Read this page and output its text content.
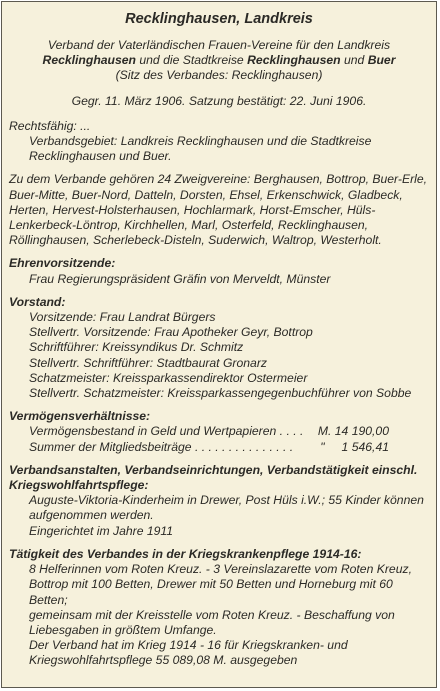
Recklinghausen, Landkreis

Verband der Vaterländischen Frauen-Vereine für den Landkreis

Recklinghausen und die Stadtkreise Recklinghausen und Buer

(Sitz des Verbandes: Recklinghausen)

Gegr. 11. März 1906. Satzung bestätigt: 22. Juni 1906.

Rechtsfähig: ...

Verbandsgebiet: Landkreis Recklinghausen und die Stadtkreise Recklinghausen und Buer.

Zu dem Verbande gehören 24 Zweigvereine: Berghausen, Bottrop, Buer-Erle, Buer-Mitte, Buer-Nord, Datteln, Dorsten, Ehsel, Erkenschwick, Gladbeck, Herten, Hervest-Holsterhausen, Hochlarmark, Horst-Emscher, Hüls-Lenkerbeck-Löntrop, Kirchhellen, Marl, Osterfeld, Recklinghausen, Röllinghausen, Scherlebeck-Disteln, Suderwich, Waltrop, Westerholt.

Ehrenvorsitzende:

Frau Regierungspräsident Gräfin von Merveldt, Münster

Vorstand:

Vorsitzende: Frau Landrat Bürgers

Stellvertr. Vorsitzende: Frau Apotheker Geyr, Bottrop

Schriftführer: Kreissyndikus Dr. Schmitz

Stellvertr. Schriftführer: Stadtbaurat Gronarz

Schatzmeister: Kreissparkassendirektor Ostermeier

Stellvertr. Schatzmeister: Kreissparkassengegenbuchführer von Sobbe

Vermögensverhältnisse:

Vermögensbestand in Geld und Wertpapieren . . . .	M. 14 190,00
Summer der Mitgliedsbeiträge . . . . . . . . . . . . . . .	"     1 546,41

Verbandsanstalten, Verbandseinrichtungen, Verbandstätigkeit einschl. Kriegswohlfahrtspflege:

Auguste-Viktoria-Kinderheim in Drewer, Post Hüls i.W.; 55 Kinder können aufgenommen werden.

Eingerichtet im Jahre 1911

Tätigkeit des Verbandes in der Kriegskrankenpflege 1914-16:

8 Helferinnen vom Roten Kreuz. - 3 Vereinslazarette vom Roten Kreuz, Bottrop mit 100 Betten, Drewer mit 50 Betten und Horneburg mit 60 Betten;

gemeinsam mit der Kreisstelle vom Roten Kreuz. - Beschaffung von Liebesgaben in größtem Umfange.

Der Verband hat im Krieg 1914 - 16 für Kriegskranken- und Kriegswohlfahrtspflege 55 089,08 M. ausgegeben
